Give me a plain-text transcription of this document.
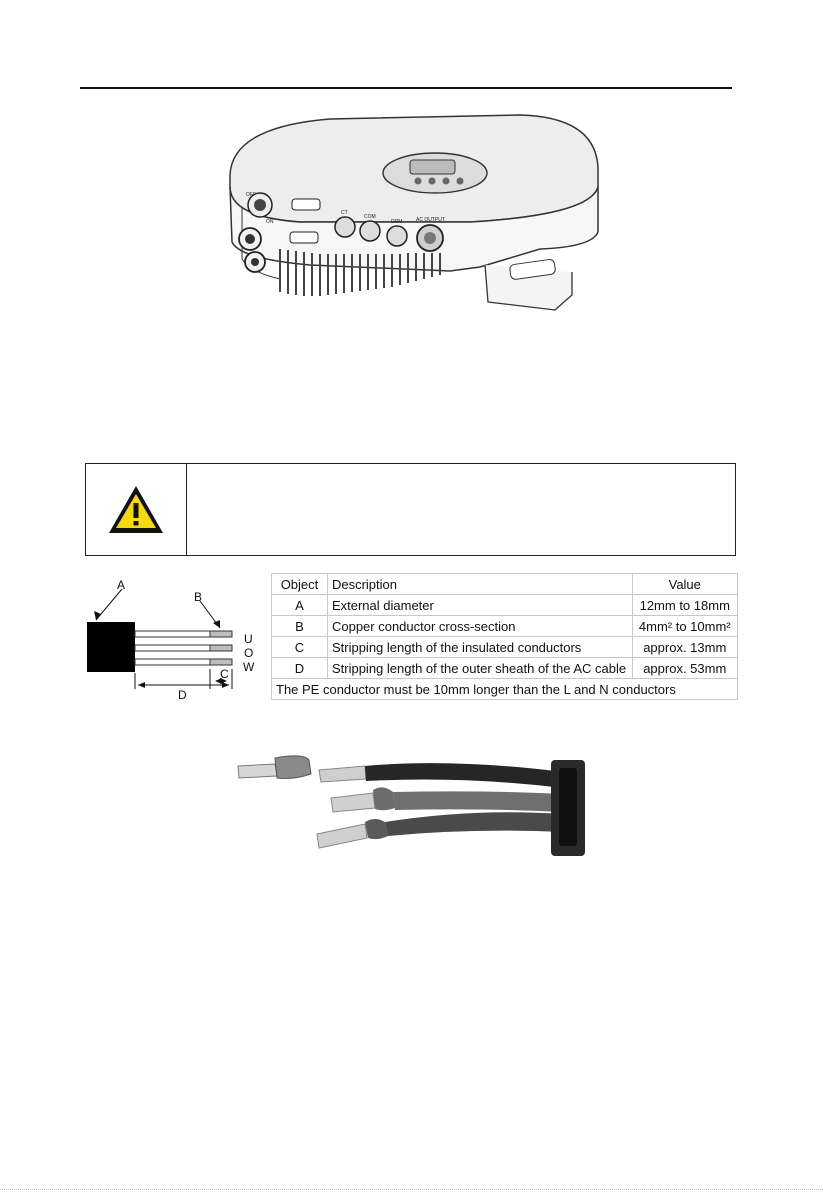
OFF
ON
CT
COM
DRM	AC OUTPUT
A
B
C
D
U
O
W
Object	Description	Value
A	External diameter	12mm to 18mm
B	Copper conductor cross-section	4mm² to 10mm²
C	Stripping length of the insulated conductors	approx. 13mm
D	Stripping length of the outer sheath of the AC cable	approx. 53mm
The PE conductor must be 10mm longer than the L and N conductors		
